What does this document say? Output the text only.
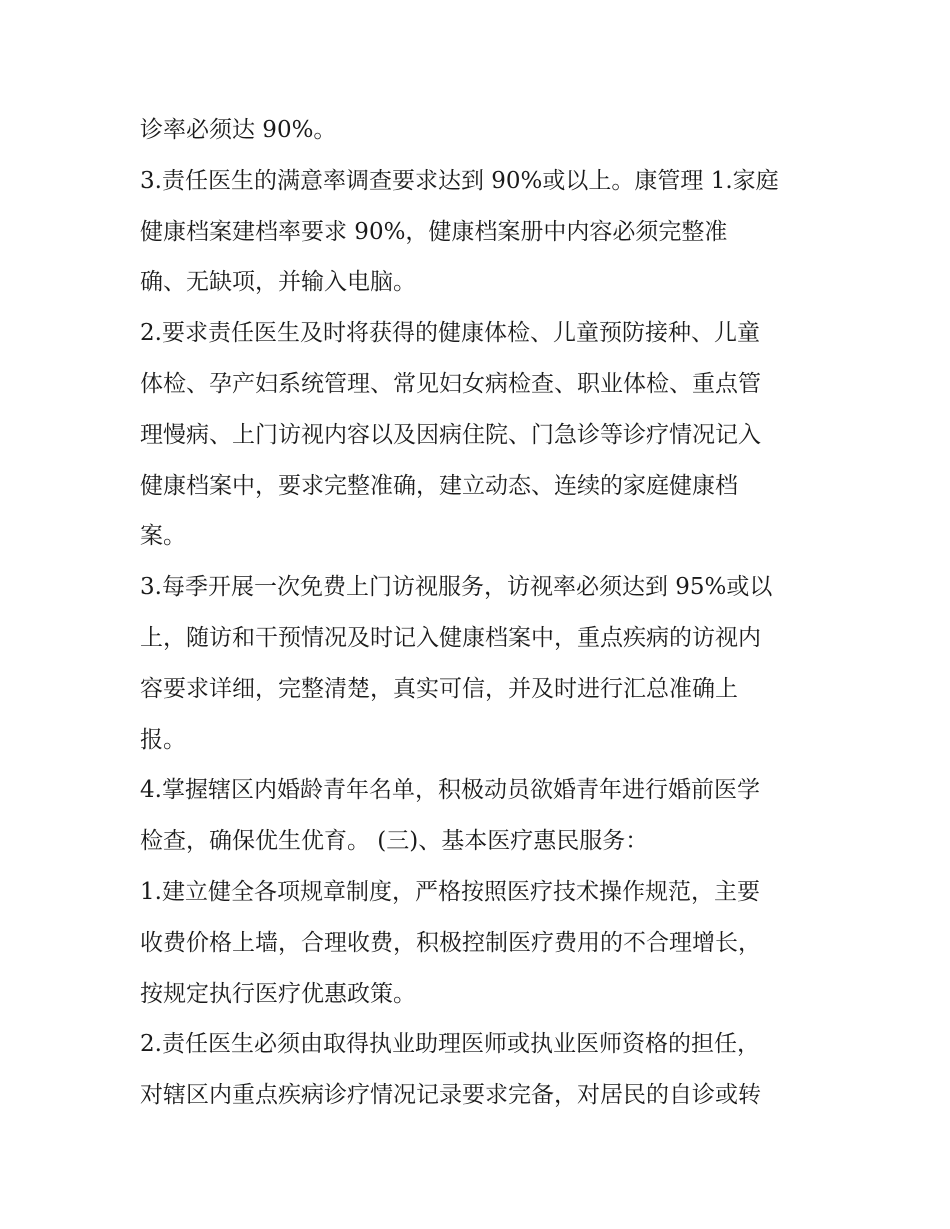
诊率必须达 90%。
3.责任医生的满意率调查要求达到 90%或以上。康管理 1.家庭
健康档案建档率要求 90%，健康档案册中内容必须完整准
确、无缺项，并输入电脑。
2.要求责任医生及时将获得的健康体检、儿童预防接种、儿童
体检、孕产妇系统管理、常见妇女病检查、职业体检、重点管
理慢病、上门访视内容以及因病住院、门急诊等诊疗情况记入
健康档案中，要求完整准确，建立动态、连续的家庭健康档
案。
3.每季开展一次免费上门访视服务，访视率必须达到 95%或以
上，随访和干预情况及时记入健康档案中，重点疾病的访视内
容要求详细，完整清楚，真实可信，并及时进行汇总准确上
报。
4.掌握辖区内婚龄青年名单，积极动员欲婚青年进行婚前医学
检查，确保优生优育。 (三)、基本医疗惠民服务：
1.建立健全各项规章制度，严格按照医疗技术操作规范，主要
收费价格上墙，合理收费，积极控制医疗费用的不合理增长，
按规定执行医疗优惠政策。
2.责任医生必须由取得执业助理医师或执业医师资格的担任，
对辖区内重点疾病诊疗情况记录要求完备，对居民的自诊或转
